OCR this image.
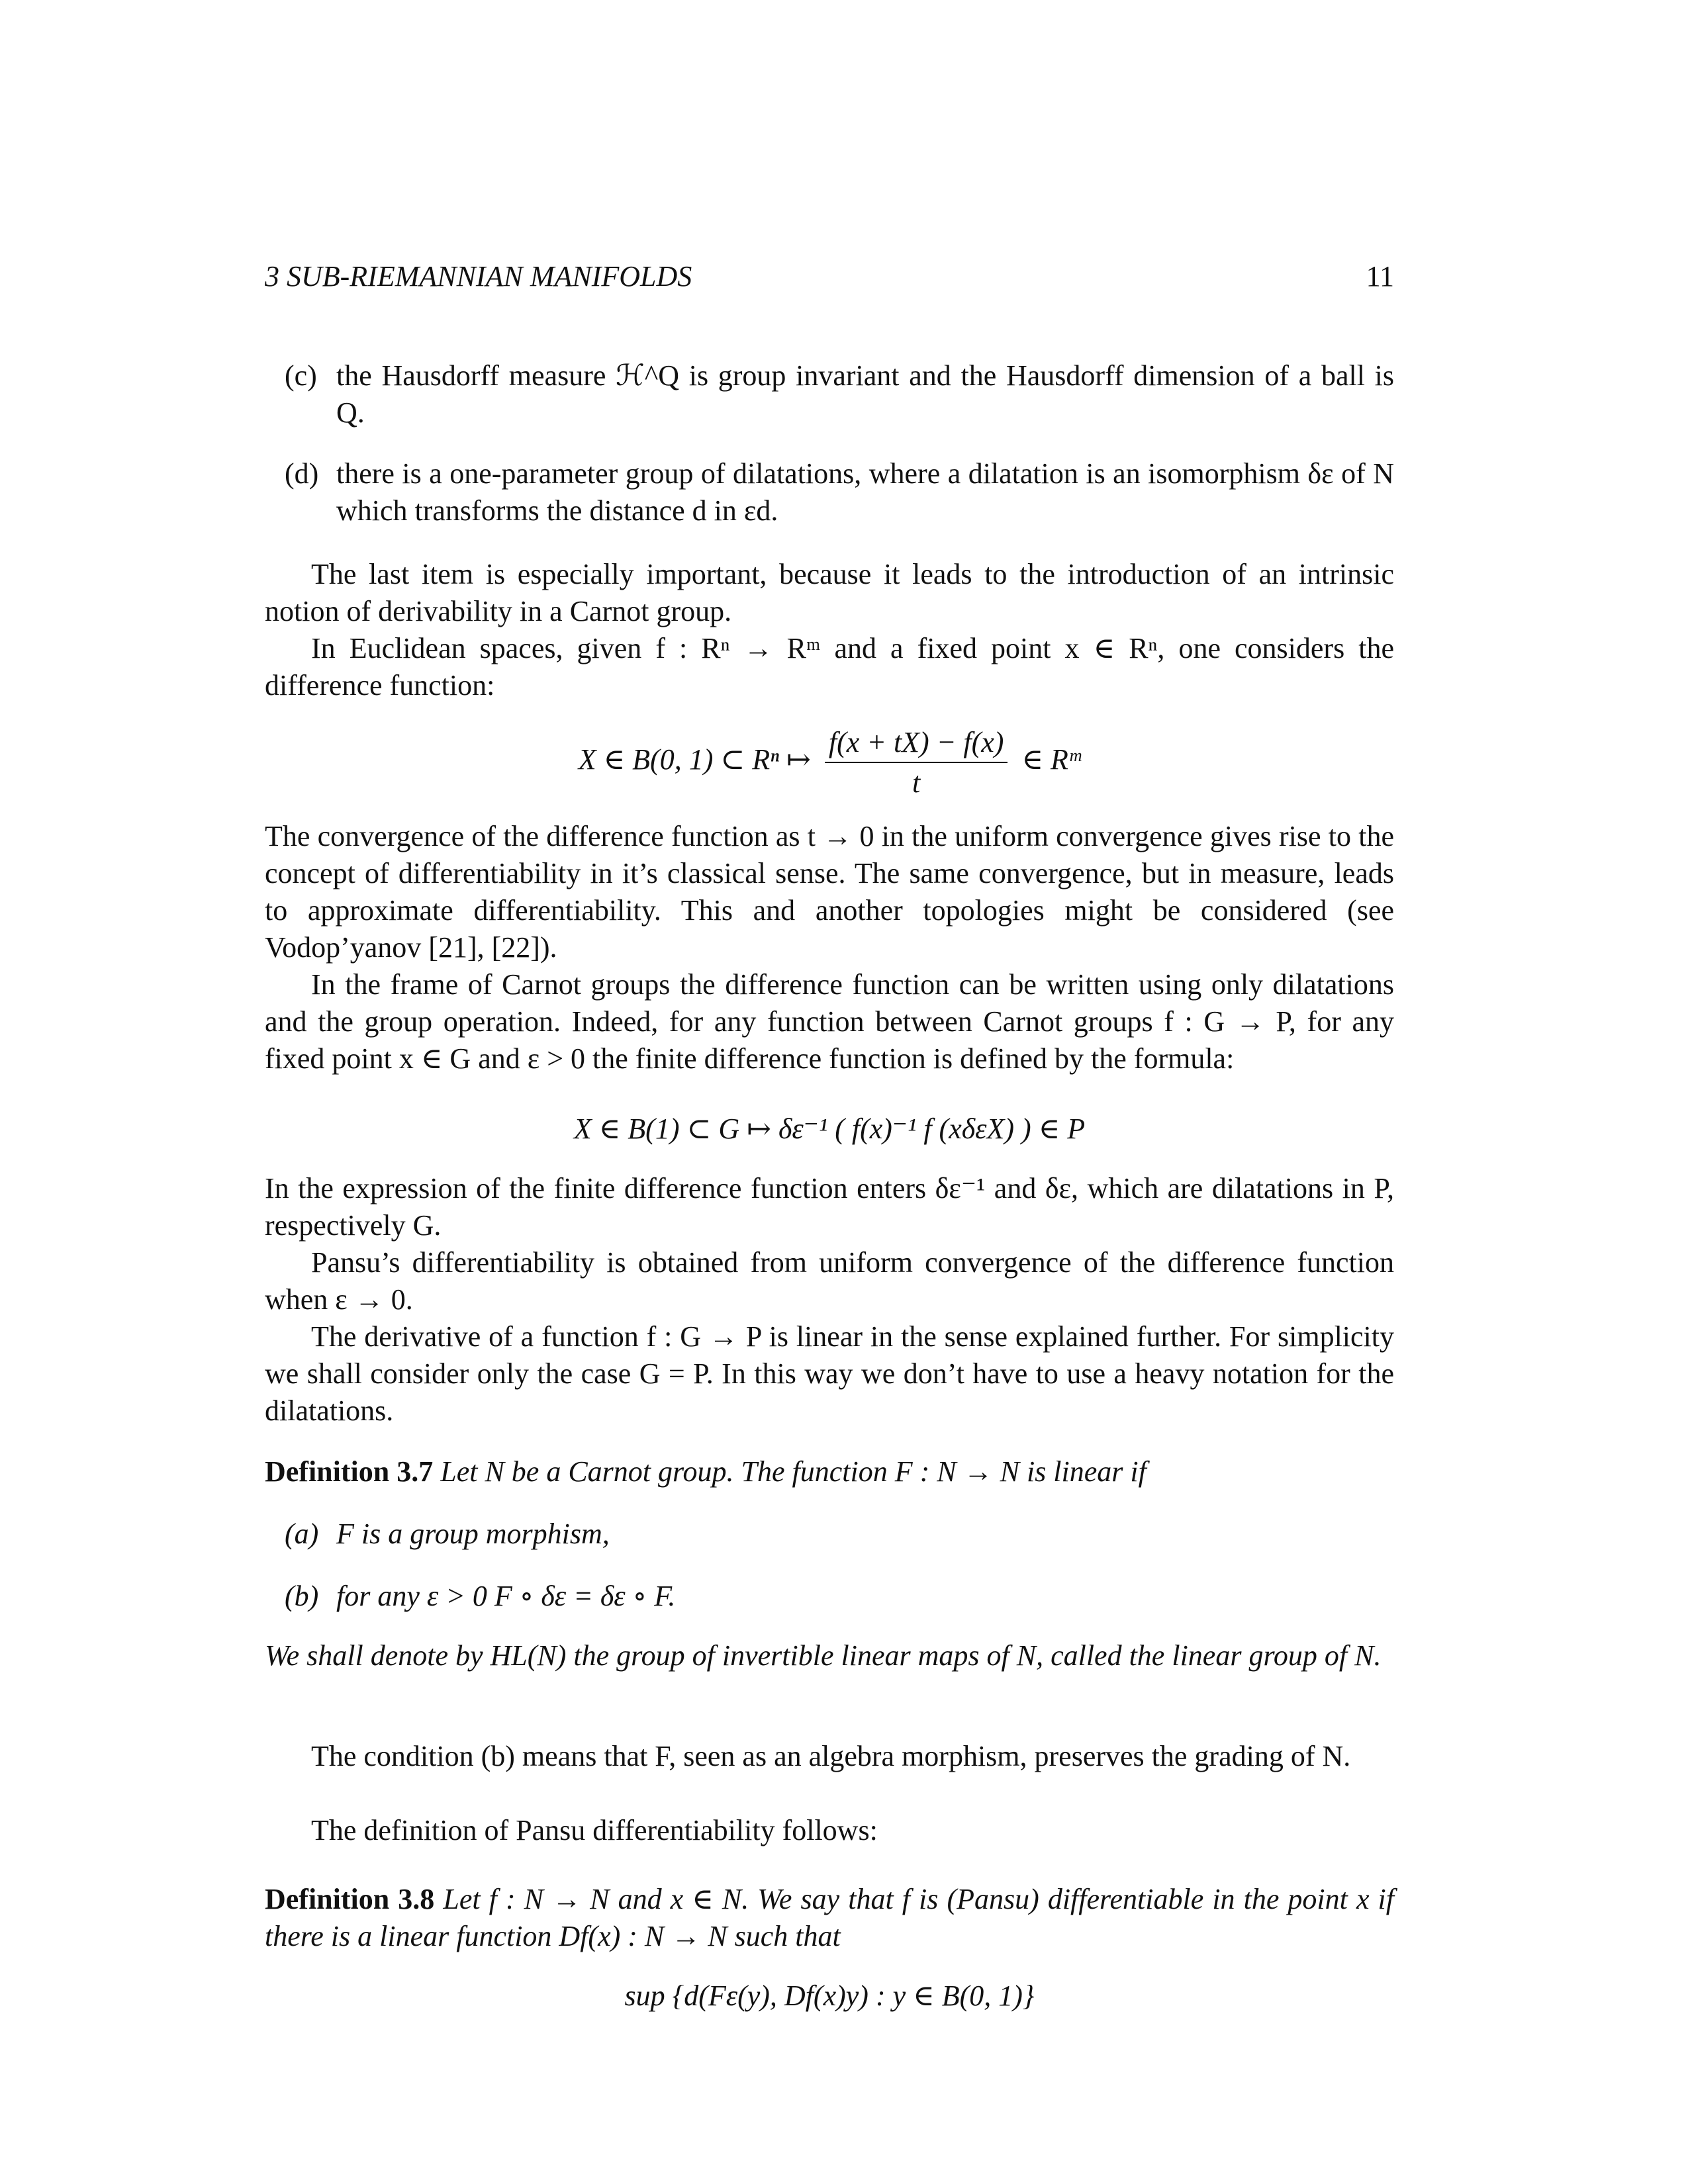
3 SUB-RIEMANNIAN MANIFOLDS	11
(c) the Hausdorff measure ℋ^Q is group invariant and the Hausdorff dimension of a ball is Q.
(d) there is a one-parameter group of dilatations, where a dilatation is an isomorphism δε of N which transforms the distance d in εd.
The last item is especially important, because it leads to the introduction of an intrinsic notion of derivability in a Carnot group.
In Euclidean spaces, given f : Rⁿ → Rᵐ and a fixed point x ∈ Rⁿ, one considers the difference function:
X ∈ B(0, 1) ⊂ Rⁿ ↦ $\frac{f(x + tX) - f(x)}{t}$ ∈ Rᵐ
The convergence of the difference function as t → 0 in the uniform convergence gives rise to the concept of differentiability in it’s classical sense. The same convergence, but in measure, leads to approximate differentiability. This and another topologies might be considered (see Vodop’yanov [21], [22]).
In the frame of Carnot groups the difference function can be written using only dilatations and the group operation. Indeed, for any function between Carnot groups f : G → P, for any fixed point x ∈ G and ε > 0 the finite difference function is defined by the formula:
X ∈ B(1) ⊂ G ↦ δε⁻¹ ( f(x)⁻¹ f (xδεX) ) ∈ P
In the expression of the finite difference function enters δε⁻¹ and δε, which are dilatations in P, respectively G.
Pansu’s differentiability is obtained from uniform convergence of the difference function when ε → 0.
The derivative of a function f : G → P is linear in the sense explained further. For simplicity we shall consider only the case G = P. In this way we don’t have to use a heavy notation for the dilatations.
Definition 3.7 Let N be a Carnot group. The function F : N → N is linear if
(a) F is a group morphism,
(b) for any ε > 0 F ∘ δε = δε ∘ F.
We shall denote by HL(N) the group of invertible linear maps of N, called the linear group of N.
The condition (b) means that F, seen as an algebra morphism, preserves the grading of N.
The definition of Pansu differentiability follows:
Definition 3.8 Let f : N → N and x ∈ N. We say that f is (Pansu) differentiable in the point x if there is a linear function Df(x) : N → N such that
sup {d(Fε(y), Df(x)y) : y ∈ B(0, 1)}
